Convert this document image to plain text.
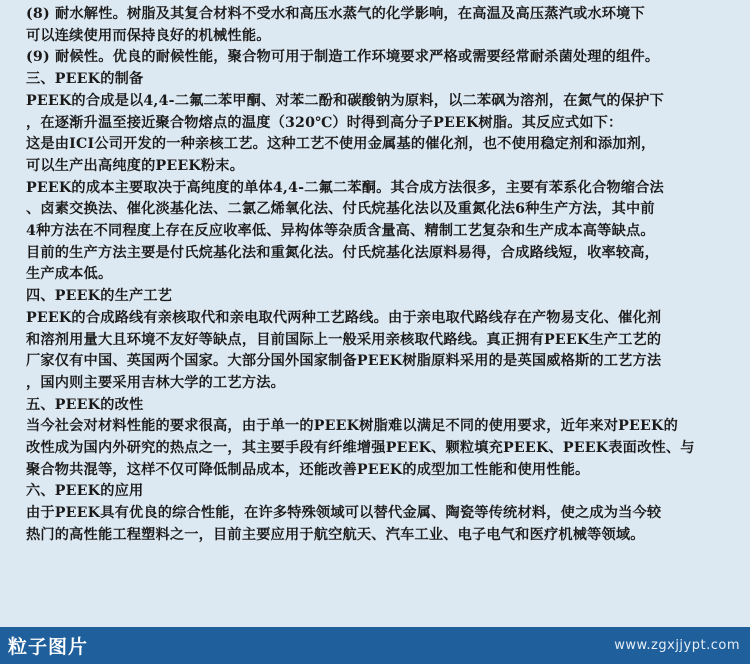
(8) 耐水解性。树脂及其复合材料不受水和高压水蒸气的化学影响，在高温及高压蒸汽或水环境下
可以连续使用而保持良好的机械性能。
(9) 耐候性。优良的耐候性能，聚合物可用于制造工作环境要求严格或需要经常耐杀菌处理的组件。
三、PEEK的制备
PEEK的合成是以4,4-二氟二苯甲酮、对苯二酚和碳酸钠为原料，以二苯砜为溶剂，在氮气的保护下
，在逐渐升温至接近聚合物熔点的温度（320℃）时得到高分子PEEK树脂。其反应式如下：
这是由ICI公司开发的一种亲核工艺。这种工艺不使用金属基的催化剂，也不使用稳定剂和添加剂，
可以生产出高纯度的PEEK粉末。
PEEK的成本主要取决于高纯度的单体4,4-二氟二苯酮。其合成方法很多，主要有苯系化合物缩合法
、卤素交换法、催化淡基化法、二氯乙烯氧化法、付氏烷基化法以及重氮化法6种生产方法，其中前
4种方法在不同程度上存在反应收率低、异构体等杂质含量高、精制工艺复杂和生产成本高等缺点。
目前的生产方法主要是付氏烷基化法和重氮化法。付氏烷基化法原料易得，合成路线短，收率较高，
生产成本低。
四、PEEK的生产工艺
PEEK的合成路线有亲核取代和亲电取代两种工艺路线。由于亲电取代路线存在产物易支化、催化剂
和溶剂用量大且环境不友好等缺点，目前国际上一般采用亲核取代路线。真正拥有PEEK生产工艺的
厂家仅有中国、英国两个国家。大部分国外国家制备PEEK树脂原料采用的是英国威格斯的工艺方法
，国内则主要采用吉林大学的工艺方法。
五、PEEK的改性
当今社会对材料性能的要求很高，由于单一的PEEK树脂难以满足不同的使用要求，近年来对PEEK的
改性成为国内外研究的热点之一，其主要手段有纤维增强PEEK、颗粒填充PEEK、PEEK表面改性、与
聚合物共混等，这样不仅可降低制品成本，还能改善PEEK的成型加工性能和使用性能。
六、PEEK的应用
由于PEEK具有优良的综合性能，在许多特殊领域可以替代金属、陶瓷等传统材料，使之成为当今较
热门的高性能工程塑料之一，目前主要应用于航空航天、汽车工业、电子电气和医疗机械等领域。
粒子图片	www.zgxjjypt.com
